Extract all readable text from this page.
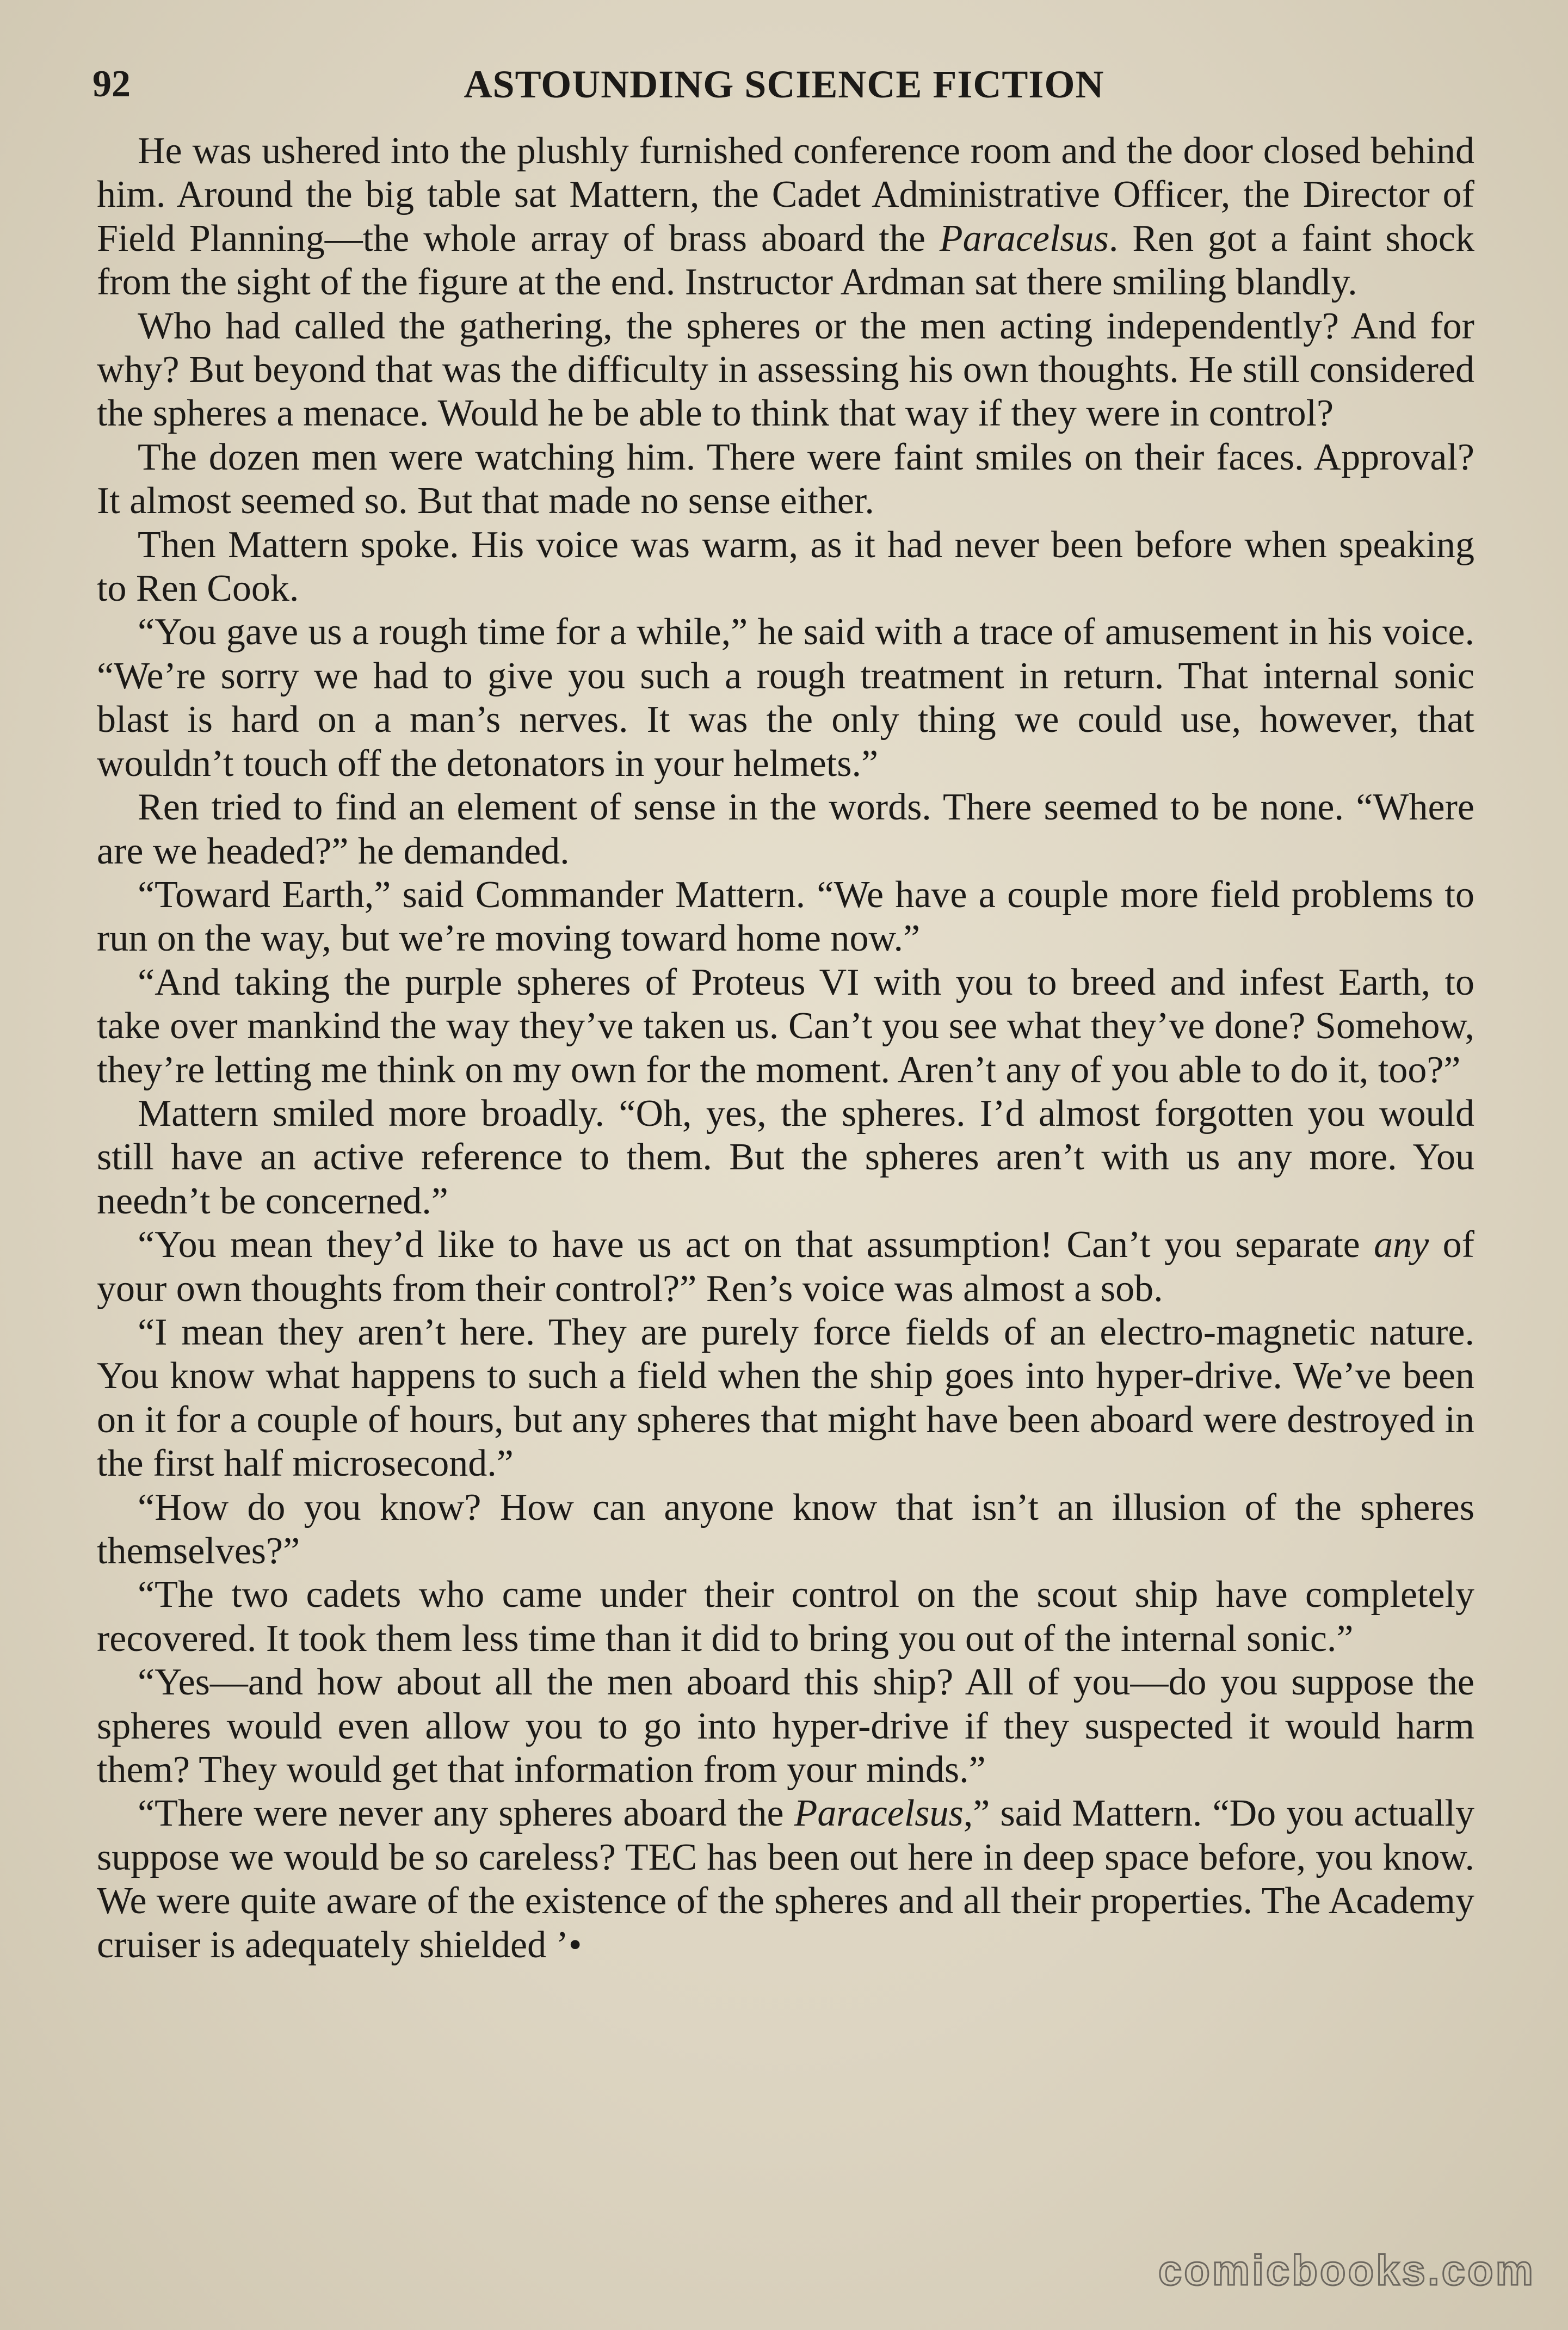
92	ASTOUNDING SCIENCE FICTION

He was ushered into the plushly furnished conference room and the door closed behind him. Around the big table sat Mattern, the Cadet Administrative Officer, the Director of Field Planning—the whole array of brass aboard the Paracelsus. Ren got a faint shock from the sight of the figure at the end. Instructor Ardman sat there smiling blandly.

Who had called the gathering, the spheres or the men acting independently? And for why? But beyond that was the difficulty in assessing his own thoughts. He still considered the spheres a menace. Would he be able to think that way if they were in control?

The dozen men were watching him. There were faint smiles on their faces. Approval? It almost seemed so. But that made no sense either.

Then Mattern spoke. His voice was warm, as it had never been before when speaking to Ren Cook.

“You gave us a rough time for a while,” he said with a trace of amusement in his voice. “We’re sorry we had to give you such a rough treatment in return. That internal sonic blast is hard on a man’s nerves. It was the only thing we could use, however, that wouldn’t touch off the detonators in your helmets.”

Ren tried to find an element of sense in the words. There seemed to be none. “Where are we headed?” he demanded.

“Toward Earth,” said Commander Mattern. “We have a couple more field problems to run on the way, but we’re moving toward home now.”

“And taking the purple spheres of Proteus VI with you to breed and infest Earth, to take over mankind the way they’ve taken us. Can’t you see what they’ve done? Somehow, they’re letting me think on my own for the moment. Aren’t any of you able to do it, too?”

Mattern smiled more broadly. “Oh, yes, the spheres. I’d almost forgotten you would still have an active reference to them. But the spheres aren’t with us any more. You needn’t be concerned.”

“You mean they’d like to have us act on that assumption! Can’t you separate any of your own thoughts from their control?” Ren’s voice was almost a sob.

“I mean they aren’t here. They are purely force fields of an electro-magnetic nature. You know what happens to such a field when the ship goes into hyper-drive. We’ve been on it for a couple of hours, but any spheres that might have been aboard were destroyed in the first half microsecond.”

“How do you know? How can anyone know that isn’t an illusion of the spheres themselves?”

“The two cadets who came under their control on the scout ship have completely recovered. It took them less time than it did to bring you out of the internal sonic.”

“Yes—and how about all the men aboard this ship? All of you—do you suppose the spheres would even allow you to go into hyper-drive if they suspected it would harm them? They would get that information from your minds.”

“There were never any spheres aboard the Paracelsus,” said Mattern. “Do you actually suppose we would be so careless? TEC has been out here in deep space before, you know. We were quite aware of the existence of the spheres and all their properties. The Academy cruiser is adequately shielded ’•

comicbooks.com
